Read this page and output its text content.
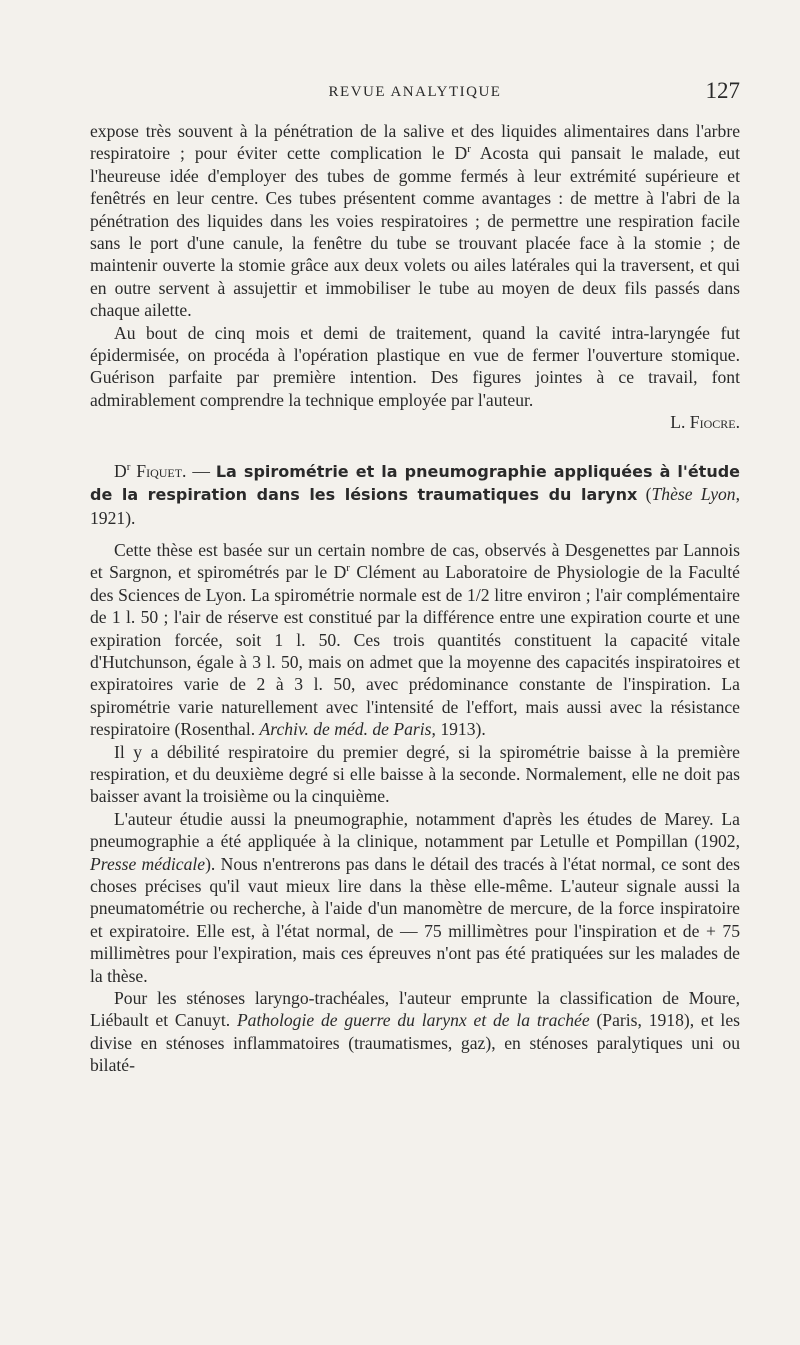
REVUE ANALYTIQUE	127

expose très souvent à la pénétration de la salive et des liquides alimentaires dans l'arbre respiratoire ; pour éviter cette complication le $D^r$ Acosta qui pansait le malade, eut l'heureuse idée d'employer des tubes de gomme fermés à leur extrémité supérieure et fenêtrés en leur centre. Ces tubes présentent comme avantages : de mettre à l'abri de la pénétration des liquides dans les voies respiratoires ; de permettre une respiration facile sans le port d'une canule, la fenêtre du tube se trouvant placée face à la stomie ; de maintenir ouverte la stomie grâce aux deux volets ou ailes latérales qui la traversent, et qui en outre servent à assujettir et immobiliser le tube au moyen de deux fils passés dans chaque ailette.

Au bout de cinq mois et demi de traitement, quand la cavité intra-laryngée fut épidermisée, on procéda à l'opération plastique en vue de fermer l'ouverture stomique. Guérison parfaite par première intention. Des figures jointes à ce travail, font admirablement comprendre la technique employée par l'auteur.

L. Fiocre.

$D^r$ Fiquet. — La spirométrie et la pneumographie appliquées à l'étude de la respiration dans les lésions traumatiques du larynx (Thèse Lyon, 1921).

Cette thèse est basée sur un certain nombre de cas, observés à Desgenettes par Lannois et Sargnon, et spirométrés par le $D^r$ Clément au Laboratoire de Physiologie de la Faculté des Sciences de Lyon. La spirométrie normale est de 1/2 litre environ ; l'air complémentaire de 1 l. 50 ; l'air de réserve est constitué par la différence entre une expiration courte et une expiration forcée, soit 1 l. 50. Ces trois quantités constituent la capacité vitale d'Hutchunson, égale à 3 l. 50, mais on admet que la moyenne des capacités inspiratoires et expiratoires varie de 2 à 3 l. 50, avec prédominance constante de l'inspiration. La spirométrie varie naturellement avec l'intensité de l'effort, mais aussi avec la résistance respiratoire (Rosenthal. Archiv. de méd. de Paris, 1913).

Il y a débilité respiratoire du premier degré, si la spirométrie baisse à la première respiration, et du deuxième degré si elle baisse à la seconde. Normalement, elle ne doit pas baisser avant la troisième ou la cinquième.

L'auteur étudie aussi la pneumographie, notamment d'après les études de Marey. La pneumographie a été appliquée à la clinique, notamment par Letulle et Pompillan (1902, Presse médicale). Nous n'entrerons pas dans le détail des tracés à l'état normal, ce sont des choses précises qu'il vaut mieux lire dans la thèse elle-même. L'auteur signale aussi la pneumatométrie ou recherche, à l'aide d'un manomètre de mercure, de la force inspiratoire et expiratoire. Elle est, à l'état normal, de — 75 millimètres pour l'inspiration et de + 75 millimètres pour l'expiration, mais ces épreuves n'ont pas été pratiquées sur les malades de la thèse.

Pour les sténoses laryngo-trachéales, l'auteur emprunte la classification de Moure, Liébault et Canuyt. Pathologie de guerre du larynx et de la trachée (Paris, 1918), et les divise en sténoses inflammatoires (traumatismes, gaz), en sténoses paralytiques uni ou bilaté-
